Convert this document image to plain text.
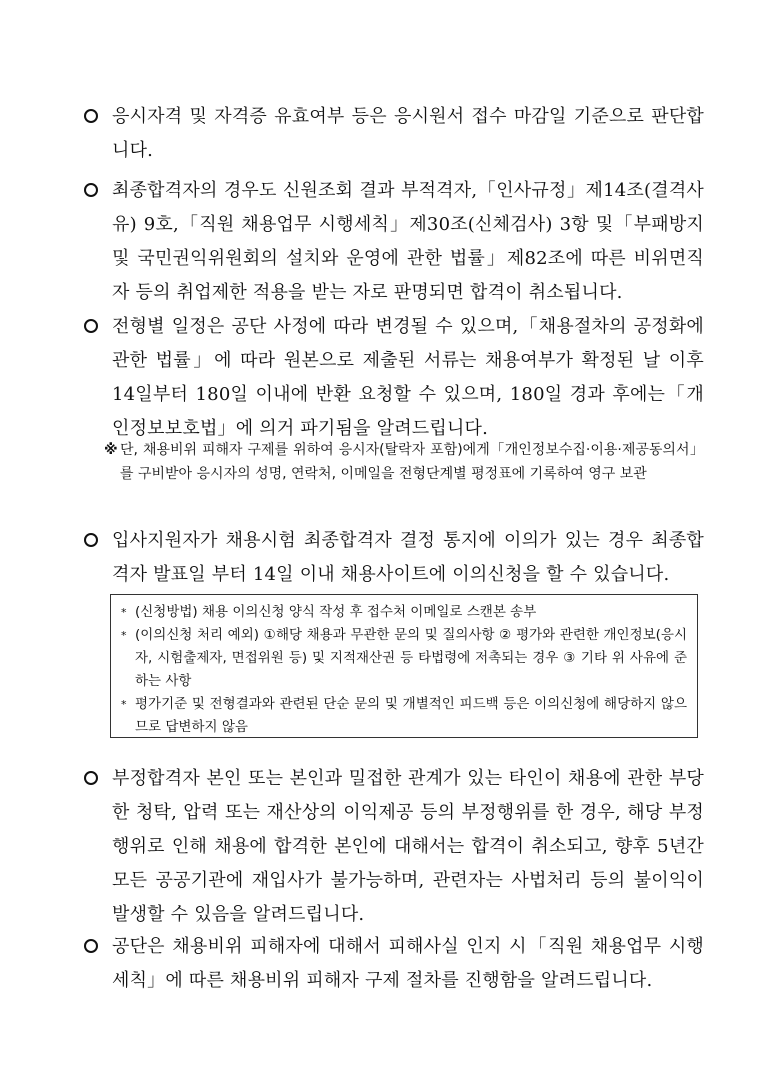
응시자격 및 자격증 유효여부 등은 응시원서 접수 마감일 기준으로 판단합니다.

최종합격자의 경우도 신원조회 결과 부적격자,「인사규정」제14조(결격사유) 9호,「직원 채용업무 시행세칙」제30조(신체검사) 3항 및「부패방지 및 국민권익위원회의 설치와 운영에 관한 법률」제82조에 따른 비위면직자 등의 취업제한 적용을 받는 자로 판명되면 합격이 취소됩니다.

전형별 일정은 공단 사정에 따라 변경될 수 있으며,「채용절차의 공정화에 관한 법률」에 따라 원본으로 제출된 서류는 채용여부가 확정된 날 이후 14일부터 180일 이내에 반환 요청할 수 있으며, 180일 경과 후에는「개인정보보호법」에 의거 파기됨을 알려드립니다.

※ 단, 채용비위 피해자 구제를 위하여 응시자(탈락자 포함)에게「개인정보수집·이용·제공동의서」를 구비받아 응시자의 성명, 연락처, 이메일을 전형단계별 평정표에 기록하여 영구 보관

입사지원자가 채용시험 최종합격자 결정 통지에 이의가 있는 경우 최종합격자 발표일 부터 14일 이내 채용사이트에 이의신청을 할 수 있습니다.

* (신청방법) 채용 이의신청 양식 작성 후 접수처 이메일로 스캔본 송부
* (이의신청 처리 예외) ①해당 채용과 무관한 문의 및 질의사항 ② 평가와 관련한 개인정보(응시자, 시험출제자, 면접위원 등) 및 지적재산권 등 타법령에 저촉되는 경우 ③ 기타 위 사유에 준하는 사항
* 평가기준 및 전형결과와 관련된 단순 문의 및 개별적인 피드백 등은 이의신청에 해당하지 않으므로 답변하지 않음

부정합격자 본인 또는 본인과 밀접한 관계가 있는 타인이 채용에 관한 부당한 청탁, 압력 또는 재산상의 이익제공 등의 부정행위를 한 경우, 해당 부정행위로 인해 채용에 합격한 본인에 대해서는 합격이 취소되고, 향후 5년간 모든 공공기관에 재입사가 불가능하며, 관련자는 사법처리 등의 불이익이 발생할 수 있음을 알려드립니다.

공단은 채용비위 피해자에 대해서 피해사실 인지 시「직원 채용업무 시행세칙」에 따른 채용비위 피해자 구제 절차를 진행함을 알려드립니다.
